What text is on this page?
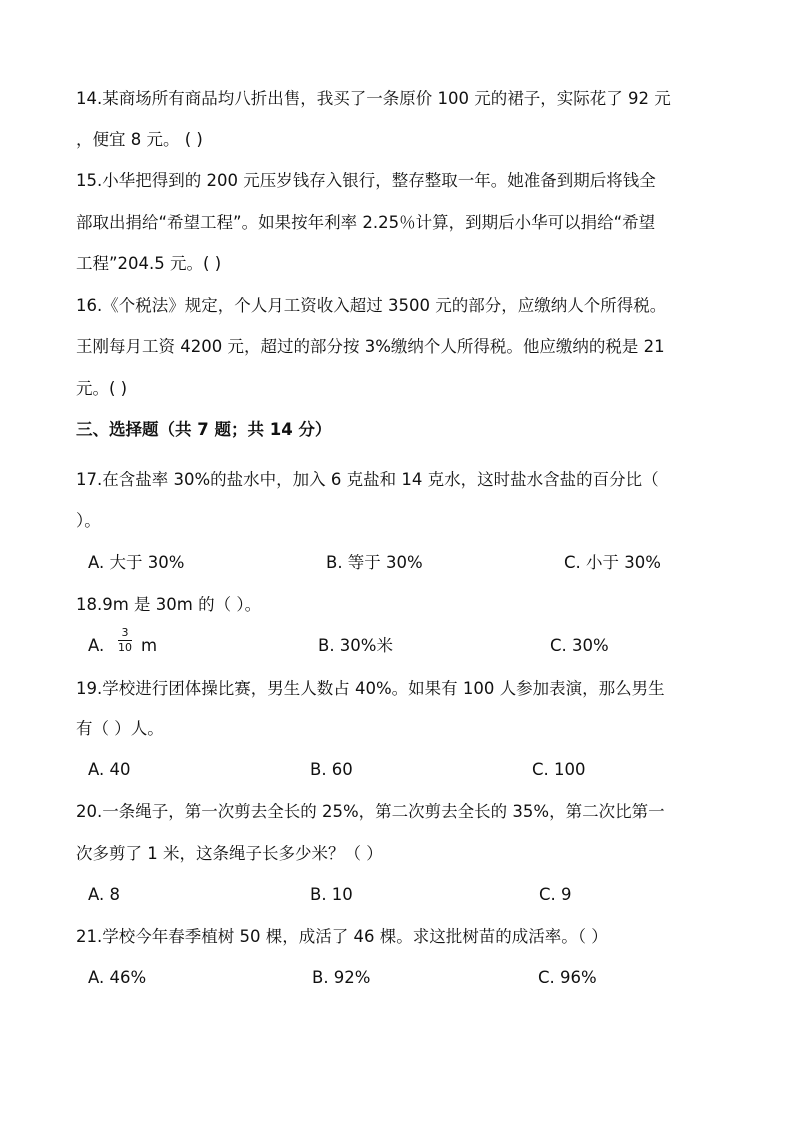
14.某商场所有商品均八折出售，我买了一条原价 100 元的裙子，实际花了 92 元
，便宜 8 元。 ( )
15.小华把得到的 200 元压岁钱存入银行，整存整取一年。她准备到期后将钱全
部取出捐给“希望工程”。如果按年利率 2.25％计算，到期后小华可以捐给“希望
工程”204.5 元。( )
16.《个税法》规定，个人月工资收入超过 3500 元的部分，应缴纳人个所得税。
王刚每月工资 4200 元，超过的部分按 3%缴纳个人所得税。他应缴纳的税是 21
元。( )
三、选择题（共 7 题；共 14 分）
17.在含盐率 30%的盐水中，加入 6 克盐和 14 克水，这时盐水含盐的百分比（
）。
A. 大于 30%	B. 等于 30%	C. 小于 30%
18.9m 是 30m 的（ ）。
A.
3
10 m	B. 30%米	C. 30%
19.学校进行团体操比赛，男生人数占 40%。如果有 100 人参加表演，那么男生
有（ ）人。
A. 40	B. 60	C. 100
20.一条绳子，第一次剪去全长的 25%，第二次剪去全长的 35%，第二次比第一
次多剪了 1 米，这条绳子长多少米？（ ）
A. 8	B. 10	C. 9
21.学校今年春季植树 50 棵，成活了 46 棵。求这批树苗的成活率。（ ）
A. 46%	B. 92%	C. 96%
